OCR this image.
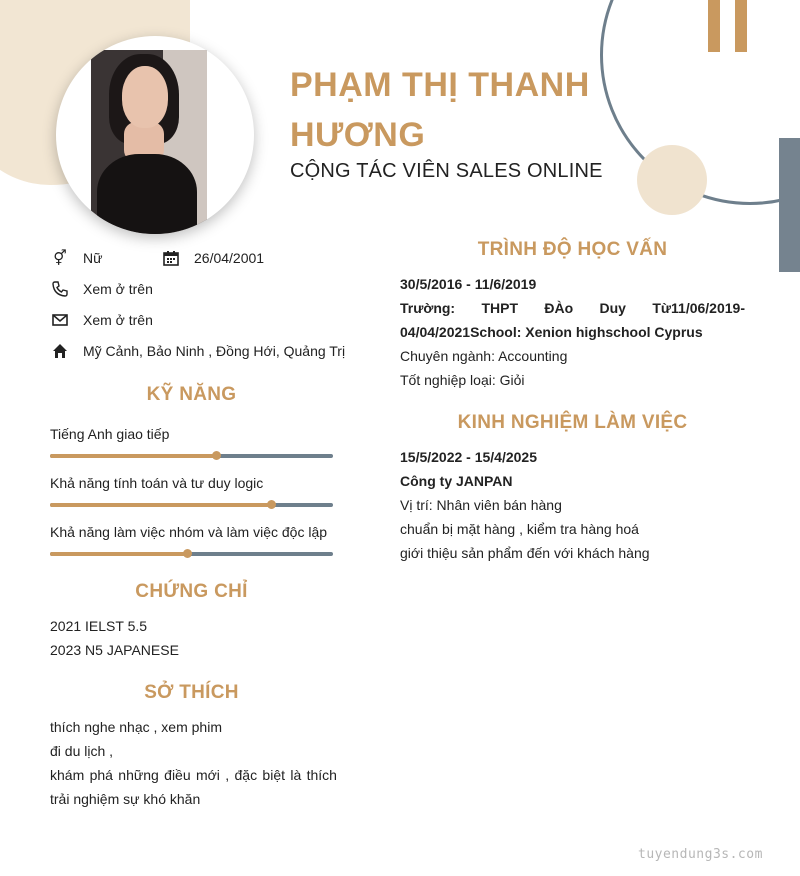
PHẠM THỊ THANH HƯƠNG
CỘNG TÁC VIÊN SALES ONLINE
⚥ Nữ	26/04/2001
Xem ở trên
Xem ở trên
Mỹ Cảnh, Bảo Ninh , Đồng Hới, Quảng Trị
KỸ NĂNG
Tiếng Anh giao tiếp
Khả năng tính toán và tư duy logic
Khả năng làm việc nhóm và làm việc độc lập
CHỨNG CHỈ
2021 IELST 5.5
2023 N5 JAPANESE
SỞ THÍCH
thích nghe nhạc , xem phim
đi du lịch ,
khám phá những điều mới , đặc biệt là thích
trải nghiệm sự khó khăn
TRÌNH ĐỘ HỌC VẤN
30/5/2016 - 11/6/2019
Trường: THPT ĐÀo Duy Từ11/06/2019-
04/04/2021School: Xenion highschool Cyprus
Chuyên ngành: Accounting
Tốt nghiệp loại: Giỏi
KINH NGHIỆM LÀM VIỆC
15/5/2022 - 15/4/2025
Công ty JANPAN
Vị trí: Nhân viên bán hàng
chuẩn bị mặt hàng , kiểm tra hàng hoá
giới thiệu sản phẩm đến với khách hàng
tuyendung3s.com
